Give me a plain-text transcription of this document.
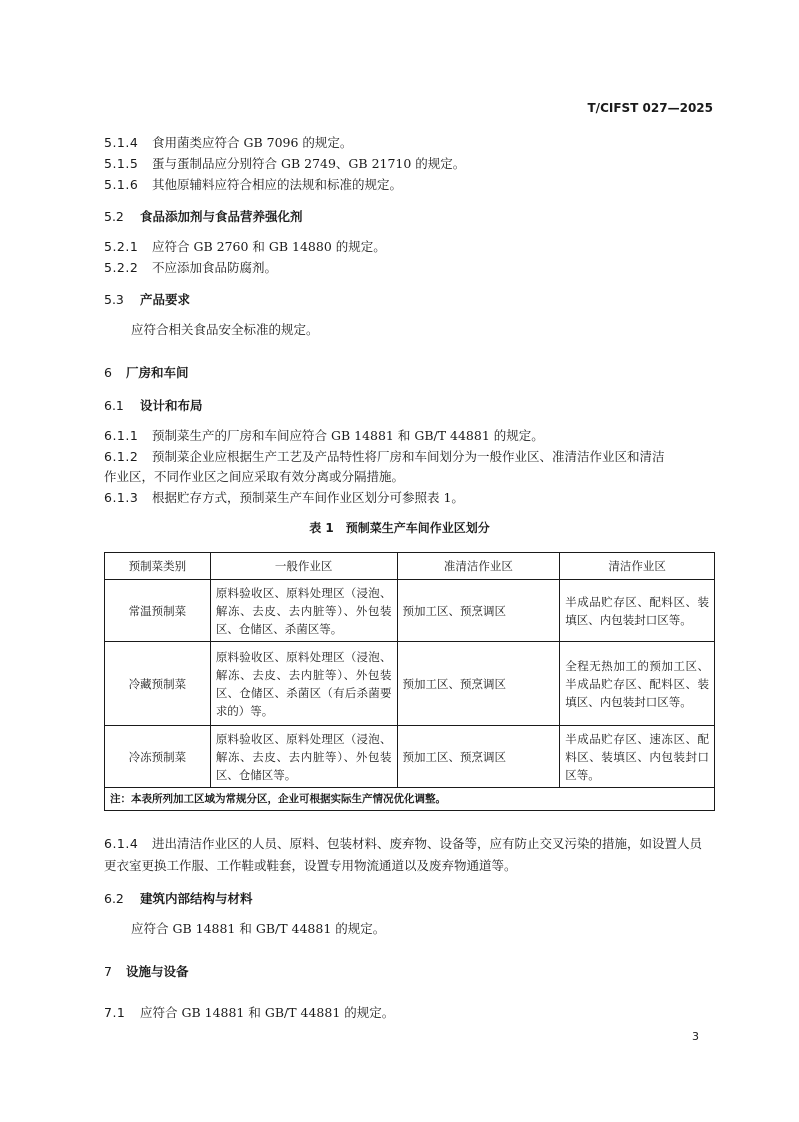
T/CIFST 027—2025
5.1.4 食用菌类应符合 GB 7096 的规定。
5.1.5 蛋与蛋制品应分别符合 GB 2749、GB 21710 的规定。
5.1.6 其他原辅料应符合相应的法规和标准的规定。
5.2 食品添加剂与食品营养强化剂
5.2.1 应符合 GB 2760 和 GB 14880 的规定。
5.2.2 不应添加食品防腐剂。
5.3 产品要求
应符合相关食品安全标准的规定。
6 厂房和车间
6.1 设计和布局
6.1.1 预制菜生产的厂房和车间应符合 GB 14881 和 GB/T 44881 的规定。
6.1.2 预制菜企业应根据生产工艺及产品特性将厂房和车间划分为一般作业区、准清洁作业区和清洁
作业区，不同作业区之间应采取有效分离或分隔措施。
6.1.3 根据贮存方式，预制菜生产车间作业区划分可参照表 1。
表 1　预制菜生产车间作业区划分
预制菜类别	一般作业区	准清洁作业区	清洁作业区
常温预制菜	原料验收区、原料处理区（浸泡、解冻、去皮、去内脏等）、外包装区、仓储区、杀菌区等。	预加工区、预烹调区	半成品贮存区、配料区、装填区、内包装封口区等。
冷藏预制菜	原料验收区、原料处理区（浸泡、解冻、去皮、去内脏等）、外包装区、仓储区、杀菌区（有后杀菌要求的）等。	预加工区、预烹调区	全程无热加工的预加工区、半成品贮存区、配料区、装填区、内包装封口区等。
冷冻预制菜	原料验收区、原料处理区（浸泡、解冻、去皮、去内脏等）、外包装区、仓储区等。	预加工区、预烹调区	半成品贮存区、速冻区、配料区、装填区、内包装封口区等。
注：本表所列加工区域为常规分区，企业可根据实际生产情况优化调整。			
6.1.4 进出清洁作业区的人员、原料、包装材料、废弃物、设备等，应有防止交叉污染的措施，如设置人员
更衣室更换工作服、工作鞋或鞋套，设置专用物流通道以及废弃物通道等。
6.2 建筑内部结构与材料
应符合 GB 14881 和 GB/T 44881 的规定。
7 设施与设备
7.1 应符合 GB 14881 和 GB/T 44881 的规定。
3
